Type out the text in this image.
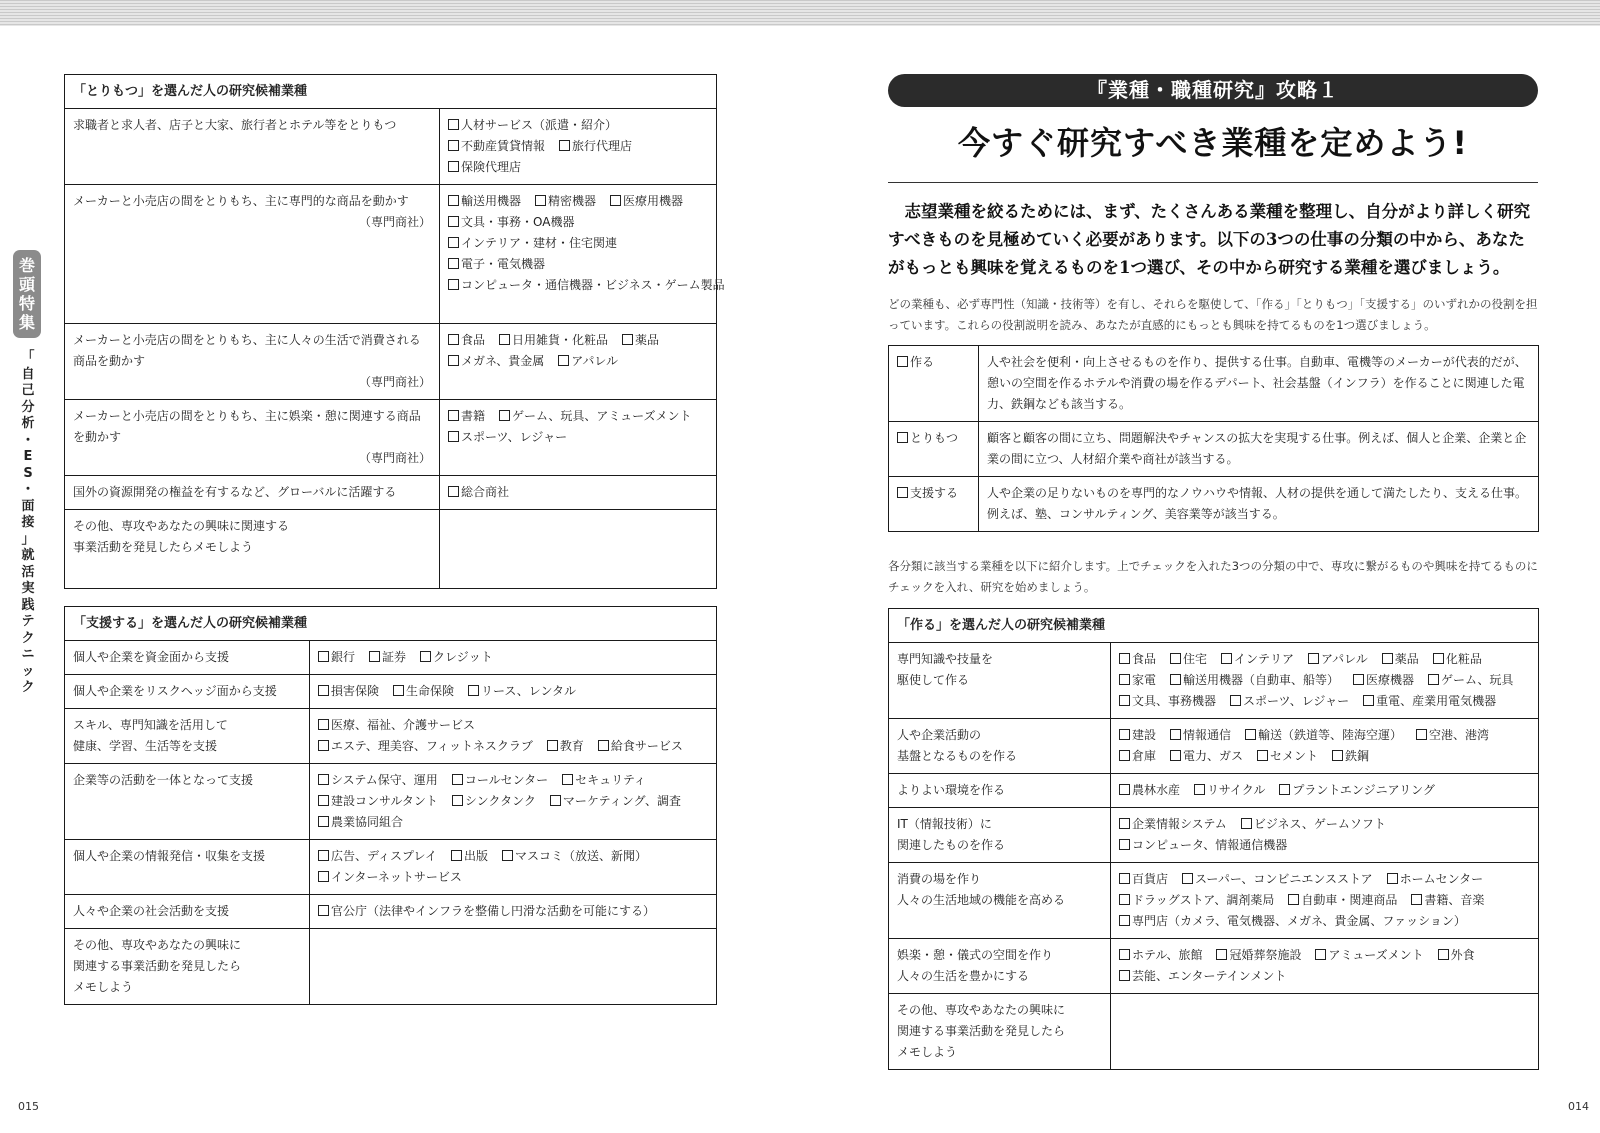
巻
頭
特
集
「
自
己
分
析
・
E
S
・
面
接
」
就
活
実
践
テ
ク
ニ
ッ
ク
「とりもつ」を選んだ人の研究候補業種	

求職者と求人者、店子と大家、旅行者とホテル等をとりもつ	人材サービス（派遣・紹介）不動産賃貸情報 旅行代理店保険代理店

メーカーと小売店の間をとりもち、主に専門的な商品を動かす
（専門商社）	輸送用機器 精密機器 医療用機器文具・事務・OA機器インテリア・建材・住宅関連電子・電気機器コンピュータ・通信機器・ビジネス・ゲーム製品

メーカーと小売店の間をとりもち、主に人々の生活で消費される商品を動かす
（専門商社）	食品 日用雑貨・化粧品 薬品メガネ、貴金属 アパレル

メーカーと小売店の間をとりもち、主に娯楽・憩に関連する商品を動かす
（専門商社）	書籍 ゲーム、玩具、アミューズメントスポーツ、レジャー

国外の資源開発の権益を有するなど、グローバルに活躍する	総合商社

その他、専攻やあなたの興味に関連する
事業活動を発見したらメモしよう	

「支援する」を選んだ人の研究候補業種	

個人や企業を資金面から支援	銀行 証券 クレジット

個人や企業をリスクヘッジ面から支援	損害保険 生命保険 リース、レンタル

スキル、専門知識を活用して
健康、学習、生活等を支援	医療、福祉、介護サービスエステ、理美容、フィットネスクラブ 教育 給食サービス

企業等の活動を一体となって支援	システム保守、運用 コールセンター セキュリティ建設コンサルタント シンクタンク マーケティング、調査農業協同組合

個人や企業の情報発信・収集を支援	広告、ディスプレイ 出版 マスコミ（放送、新聞）インターネットサービス

人々や企業の社会活動を支援	官公庁（法律やインフラを整備し円滑な活動を可能にする）

その他、専攻やあなたの興味に
関連する事業活動を発見したら
メモしよう	

『業種・職種研究』攻略１
今すぐ研究すべき業種を定めよう!
　志望業種を絞るためには、まず、たくさんある業種を整理し、自分がより詳しく研究すべきものを見極めていく必要があります。以下の3つの仕事の分類の中から、あなたがもっとも興味を覚えるものを1つ選び、その中から研究する業種を選びましょう。
どの業種も、必ず専門性（知識・技術等）を有し、それらを駆使して、「作る」「とりもつ」「支援する」のいずれかの役割を担っています。これらの役割説明を読み、あなたが直感的にもっとも興味を持てるものを1つ選びましょう。
作る	人や社会を便利・向上させるものを作り、提供する仕事。自動車、電機等のメーカーが代表的だが、憩いの空間を作るホテルや消費の場を作るデパート、社会基盤（インフラ）を作ることに関連した電力、鉄鋼なども該当する。
とりもつ	顧客と顧客の間に立ち、問題解決やチャンスの拡大を実現する仕事。例えば、個人と企業、企業と企業の間に立つ、人材紹介業や商社が該当する。
支援する	人や企業の足りないものを専門的なノウハウや情報、人材の提供を通して満たしたり、支える仕事。例えば、塾、コンサルティング、美容業等が該当する。
各分類に該当する業種を以下に紹介します。上でチェックを入れた3つの分類の中で、専攻に繋がるものや興味を持てるものにチェックを入れ、研究を始めましょう。
「作る」を選んだ人の研究候補業種	

専門知識や技量を
駆使して作る	食品 住宅 インテリア アパレル 薬品 化粧品家電 輸送用機器（自動車、船等） 医療機器 ゲーム、玩具文具、事務機器 スポーツ、レジャー 重電、産業用電気機器

人や企業活動の
基盤となるものを作る	建設 情報通信 輸送（鉄道等、陸海空運） 空港、港湾倉庫 電力、ガス セメント 鉄鋼

よりよい環境を作る	農林水産 リサイクル プラントエンジニアリング

IT（情報技術）に
関連したものを作る	企業情報システム ビジネス、ゲームソフトコンピュータ、情報通信機器

消費の場を作り
人々の生活地域の機能を高める	百貨店 スーパー、コンビニエンスストア ホームセンタードラッグストア、調剤薬局 自動車・関連商品 書籍、音楽専門店（カメラ、電気機器、メガネ、貴金属、ファッション）

娯楽・憩・儀式の空間を作り
人々の生活を豊かにする	ホテル、旅館 冠婚葬祭施設 アミューズメント 外食芸能、エンターテインメント

その他、専攻やあなたの興味に
関連する事業活動を発見したら
メモしよう	

015	014
